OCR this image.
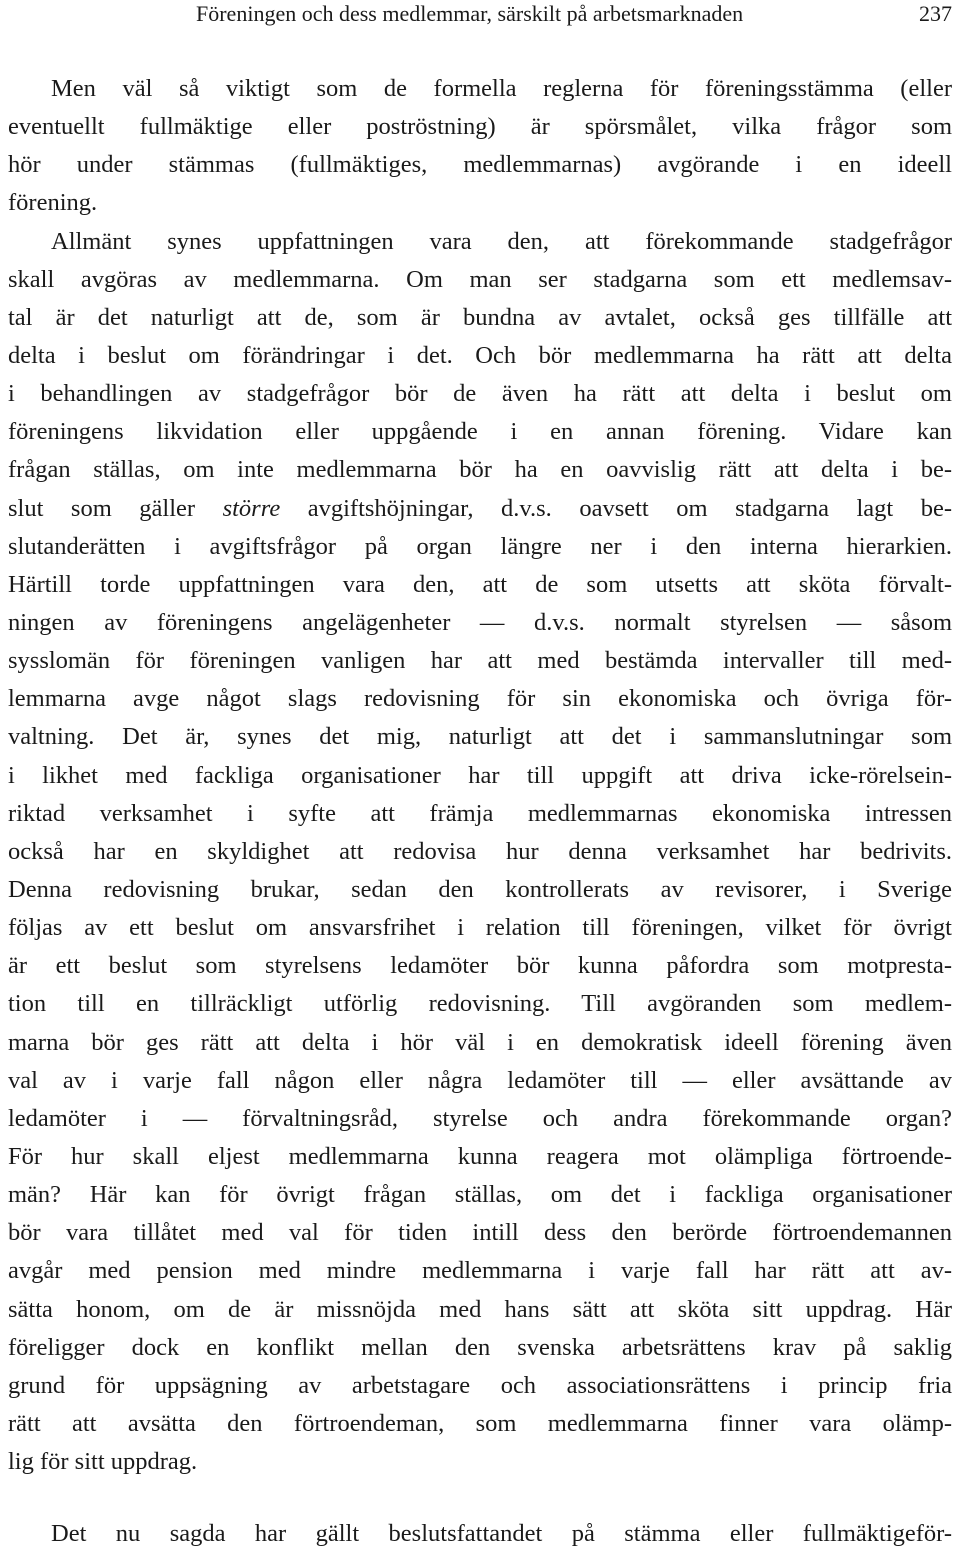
Föreningen och dess medlemmar, särskilt på arbetsmarknaden	237
Men väl så viktigt som de formella reglerna för föreningsstämma (eller
eventuellt fullmäktige eller poströstning) är spörsmålet, vilka frågor som
hör under stämmas (fullmäktiges, medlemmarnas) avgörande i en ideell
förening.
Allmänt synes uppfattningen vara den, att förekommande stadgefrågor
skall avgöras av medlemmarna. Om man ser stadgarna som ett medlemsav-
tal är det naturligt att de, som är bundna av avtalet, också ges tillfälle att
delta i beslut om förändringar i det. Och bör medlemmarna ha rätt att delta
i behandlingen av stadgefrågor bör de även ha rätt att delta i beslut om
föreningens likvidation eller uppgående i en annan förening. Vidare kan
frågan ställas, om inte medlemmarna bör ha en oavvislig rätt att delta i be-
slut som gäller större avgiftshöjningar, d.v.s. oavsett om stadgarna lagt be-
slutanderätten i avgiftsfrågor på organ längre ner i den interna hierarkien.
Härtill torde uppfattningen vara den, att de som utsetts att sköta förvalt-
ningen av föreningens angelägenheter — d.v.s. normalt styrelsen — såsom
sysslomän för föreningen vanligen har att med bestämda intervaller till med-
lemmarna avge något slags redovisning för sin ekonomiska och övriga för-
valtning. Det är, synes det mig, naturligt att det i sammanslutningar som
i likhet med fackliga organisationer har till uppgift att driva icke-rörelsein-
riktad verksamhet i syfte att främja medlemmarnas ekonomiska intressen
också har en skyldighet att redovisa hur denna verksamhet har bedrivits.
Denna redovisning brukar, sedan den kontrollerats av revisorer, i Sverige
följas av ett beslut om ansvarsfrihet i relation till föreningen, vilket för övrigt
är ett beslut som styrelsens ledamöter bör kunna påfordra som motpresta-
tion till en tillräckligt utförlig redovisning. Till avgöranden som medlem-
marna bör ges rätt att delta i hör väl i en demokratisk ideell förening även
val av i varje fall någon eller några ledamöter till — eller avsättande av
ledamöter i — förvaltningsråd, styrelse och andra förekommande organ?
För hur skall eljest medlemmarna kunna reagera mot olämpliga förtroende-
män? Här kan för övrigt frågan ställas, om det i fackliga organisationer
bör vara tillåtet med val för tiden intill dess den berörde förtroendemannen
avgår med pension med mindre medlemmarna i varje fall har rätt att av-
sätta honom, om de är missnöjda med hans sätt att sköta sitt uppdrag. Här
föreligger dock en konflikt mellan den svenska arbetsrättens krav på saklig
grund för uppsägning av arbetstagare och associationsrättens i princip fria
rätt att avsätta den förtroendeman, som medlemmarna finner vara olämp-
lig för sitt uppdrag.
Det nu sagda har gällt beslutsfattandet på stämma eller fullmäktigeför-
